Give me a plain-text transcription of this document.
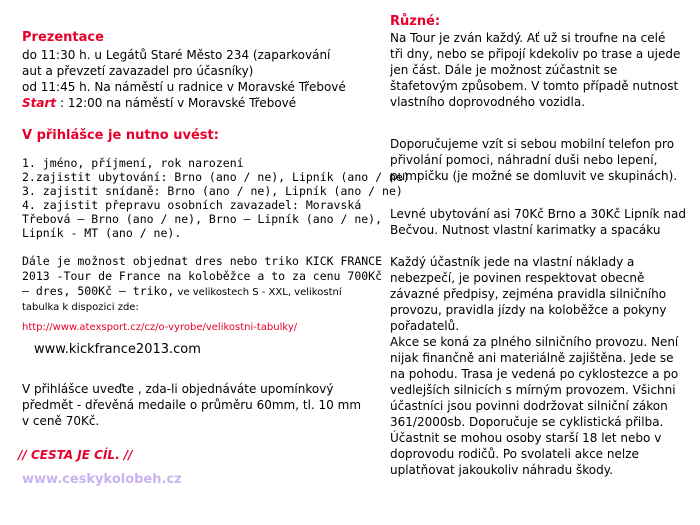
Prezentace
do 11:30 h. u Legátů Staré Město 234 (zaparkování
aut a převzetí zavazadel pro účasníky)
od 11:45 h. Na náměstí u radnice v Moravské Třebové
Start : 12:00 na náměstí v Moravské Třebové
V přihlášce je nutno uvést:
1. jméno, příjmení, rok narození
2.zajistit ubytování: Brno (ano / ne), Lipník (ano / ne)
3. zajistit snídaně: Brno (ano / ne), Lipník (ano / ne)
4. zajistit přepravu osobních zavazadel: Moravská
Třebová – Brno (ano / ne), Brno – Lipník (ano / ne),
Lipník - MT (ano / ne).
Dále je možnost objednat dres nebo triko KICK FRANCE
2013 -Tour de France na koloběžce a to za cenu 700Kč
– dres, 500Kč – triko, ve velikostech S - XXL, velikostní
tabulka k dispozici zde:
http://www.atexsport.cz/cz/o-vyrobe/velikostni-tabulky/
www.kickfrance2013.com
V přihlášce uveďte , zda-li objednáváte upomínkový
předmět - dřevěná medaile o průměru 60mm, tl. 10 mm
v ceně 70Kč.
// CESTA JE CÍL. //
www.ceskykolobeh.cz
Různé:
Na Tour je zván každý. Ať už si troufne na celé
tři dny, nebo se připojí kdekoliv po trase a ujede
jen část. Dále je možnost zúčastnit se
štafetovým způsobem. V tomto případě nutnost
vlastního doprovodného vozidla.
Doporučujeme vzít si sebou mobilní telefon pro
přivolání pomoci, náhradní duši nebo lepení,
pumpičku (je možné se domluvit ve skupinách).
Levné ubytování asi 70Kč Brno a 30Kč Lipník nad
Bečvou. Nutnost vlastní karimatky a spacáku
Každý účastník jede na vlastní náklady a
nebezpečí, je povinen respektovat obecně
závazné předpisy, zejména pravidla silničního
provozu, pravidla jízdy na koloběžce a pokyny
pořadatelů.
Akce se koná za plného silničního provozu. Není
nijak finančně ani materiálně zajištěna. Jede se
na pohodu. Trasa je vedená po cyklostezce a po
vedlejších silnicích s mírným provozem. Všichni
účastníci jsou povinni dodržovat silniční zákon
361/2000sb. Doporučuje se cyklistická přilba.
Účastnit se mohou osoby starší 18 let nebo v
doprovodu rodičů. Po svolateli akce nelze
uplatňovat jakoukoliv náhradu škody.
